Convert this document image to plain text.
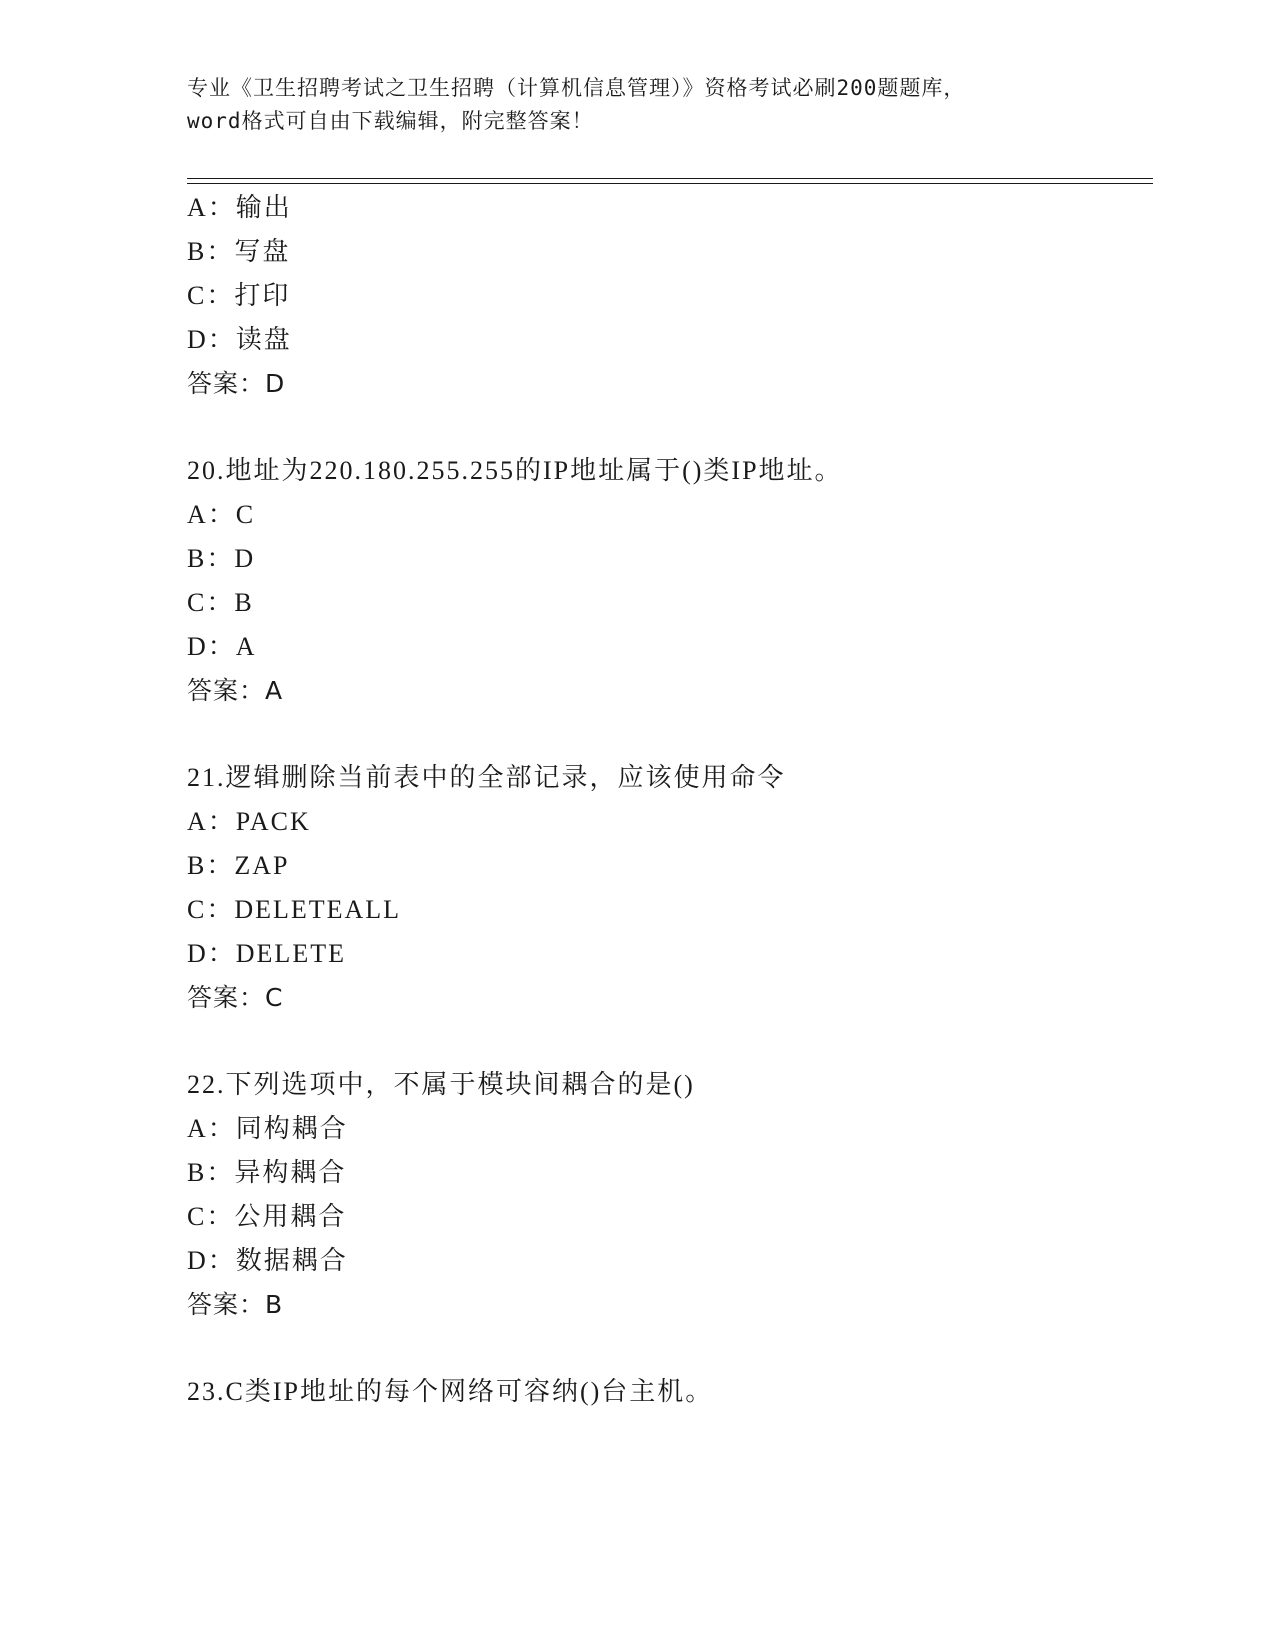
专业《卫生招聘考试之卫生招聘（计算机信息管理）》资格考试必刷200题题库，
word格式可自由下载编辑，附完整答案！
A：输出
B：写盘
C：打印
D：读盘
答案：D
20.地址为220.180.255.255的IP地址属于()类IP地址。
A：C
B：D
C：B
D：A
答案：A
21.逻辑删除当前表中的全部记录，应该使用命令
A：PACK
B：ZAP
C：DELETEALL
D：DELETE
答案：C
22.下列选项中，不属于模块间耦合的是()
A：同构耦合
B：异构耦合
C：公用耦合
D：数据耦合
答案：B
23.C类IP地址的每个网络可容纳()台主机。
